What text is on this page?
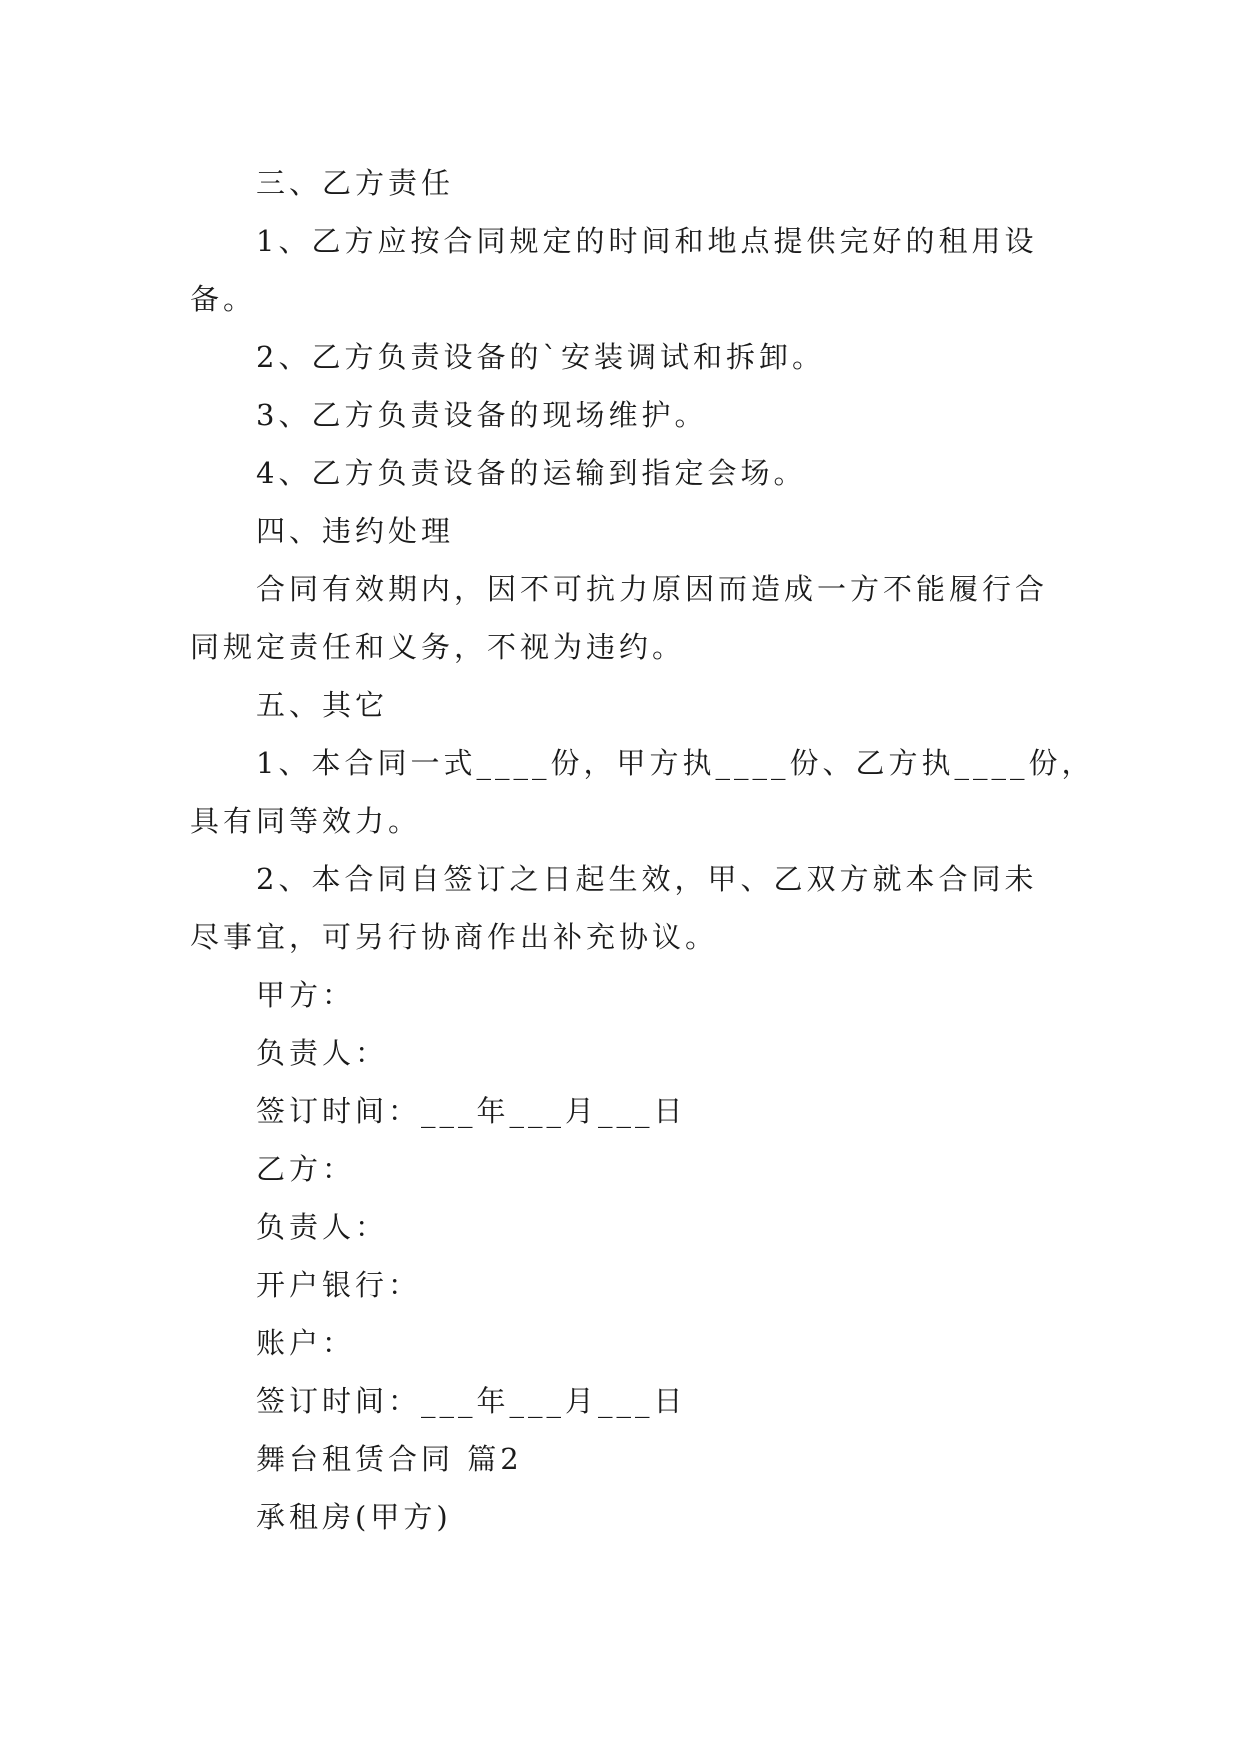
三、乙方责任
1、乙方应按合同规定的时间和地点提供完好的租用设
备。
2、乙方负责设备的`安装调试和拆卸。
3、乙方负责设备的现场维护。
4、乙方负责设备的运输到指定会场。
四、违约处理
合同有效期内，因不可抗力原因而造成一方不能履行合
同规定责任和义务，不视为违约。
五、其它
1、本合同一式____份，甲方执____份、乙方执____份，
具有同等效力。
2、本合同自签订之日起生效，甲、乙双方就本合同未
尽事宜，可另行协商作出补充协议。
甲方：
负责人：
签订时间：___年___月___日
乙方：
负责人：
开户银行：
账户：
签订时间：___年___月___日
舞台租赁合同 篇2
承租房(甲方)
